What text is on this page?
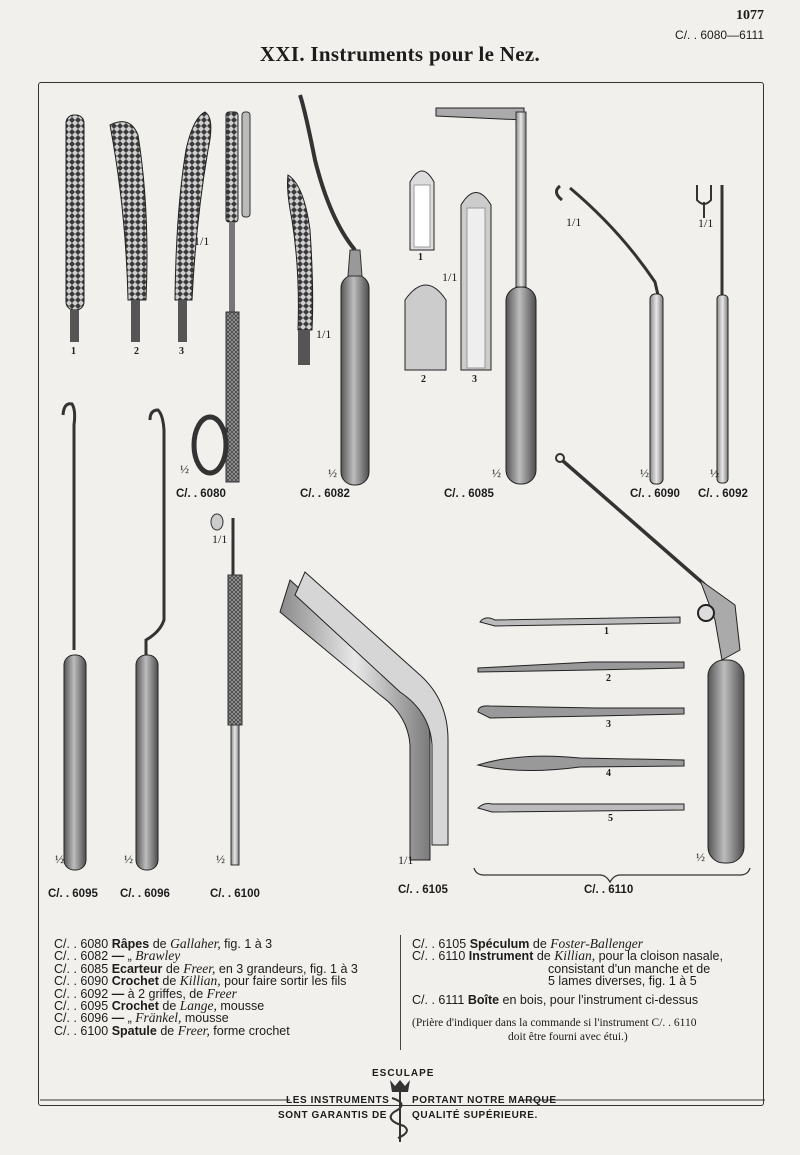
1077
C/. . 6080—6111
XXI. Instruments pour le Nez.
1	2	3
1
2	3
1
2
3
4
5
1/1
1/1
1/1
1/1	1/1
1/1
1/1
½	½	½	½	½
½	½	½	½
C/. . 6080	C/. . 6082	C/. . 6085	C/. . 6090 C/. . 6092
C/. . 6095 C/. . 6096	C/. . 6100	C/. . 6105	C/. . 6110
C/. . 6080 Râpes de Gallaher, fig. 1 à 3
C/. . 6082 — „ Brawley
C/. . 6085 Ecarteur de Freer, en 3 grandeurs, fig. 1 à 3
C/. . 6090 Crochet de Killian, pour faire sortir les fils
C/. . 6092 — à 2 griffes, de Freer
C/. . 6095 Crochet de Lange, mousse
C/. . 6096 — „ Fränkel, mousse
C/. . 6100 Spatule de Freer, forme crochet
C/. . 6105 Spéculum de Foster-Ballenger
C/. . 6110 Instrument de Killian, pour la cloison nasale,
consistant d'un manche et de
5 lames diverses, fig. 1 à 5
C/. . 6111 Boîte en bois, pour l'instrument ci-dessus
(Prière d'indiquer dans la commande si l'instrument C/. . 6110
doit être fourni avec étui.)
ESCULAPE
LES INSTRUMENTS
SONT GARANTIS DE
PORTANT NOTRE MARQUE
QUALITÉ SUPÉRIEURE.
